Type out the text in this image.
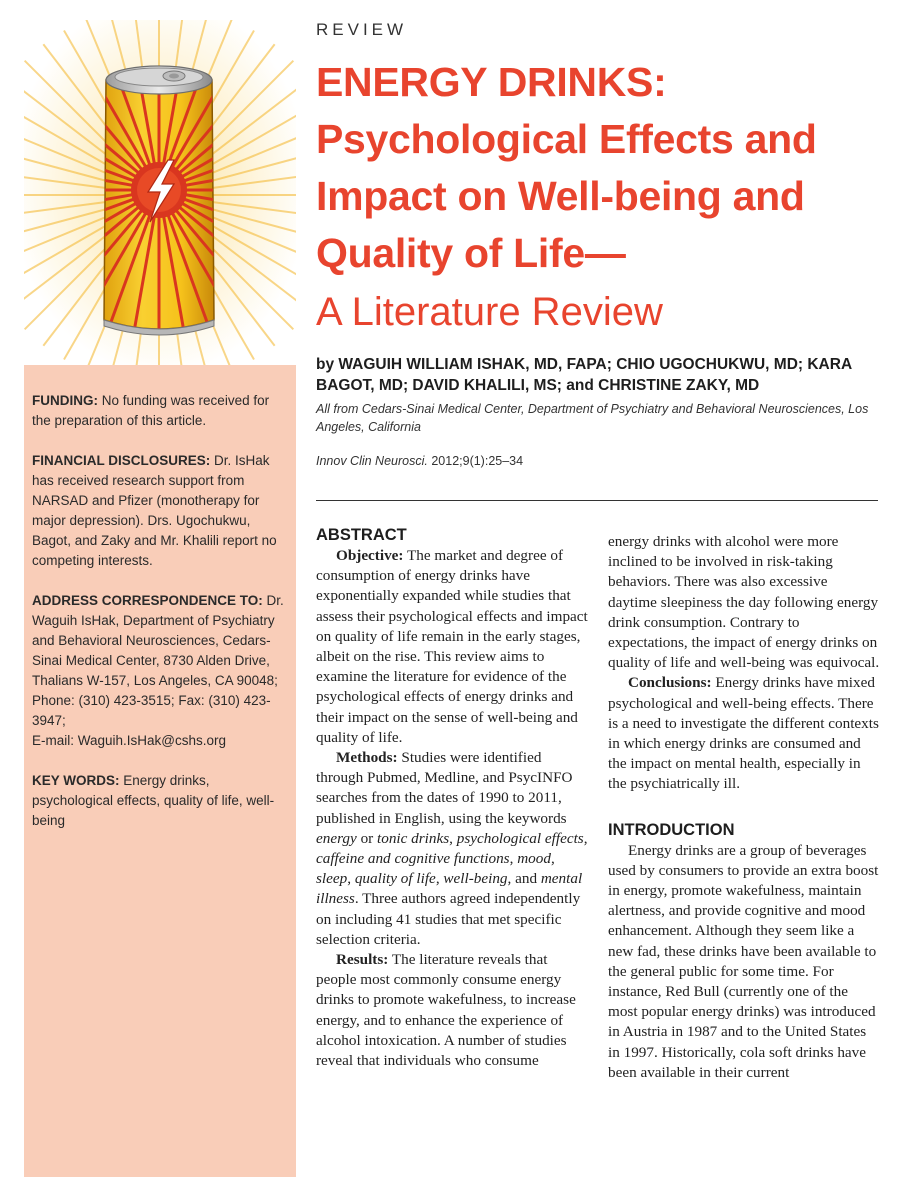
FUNDING: No funding was received for the preparation of this article.

FINANCIAL DISCLOSURES: Dr. IsHak has received research support from NARSAD and Pfizer (monotherapy for major depression). Drs. Ugochukwu, Bagot, and Zaky and Mr. Khalili report no competing interests.

ADDRESS CORRESPONDENCE TO: Dr. Waguih IsHak, Department of Psychiatry and Behavioral Neurosciences, Cedars-Sinai Medical Center, 8730 Alden Drive, Thalians W-157, Los Angeles, CA 90048;
Phone: (310) 423-3515; Fax: (310) 423-3947;
E-mail: Waguih.IsHak@cshs.org

KEY WORDS: Energy drinks, psychological effects, quality of life, well-being

REVIEW

ENERGY DRINKS:
Psychological Effects and
Impact on Well-being and
Quality of Life—
A Literature Review

by WAGUIH WILLIAM ISHAK, MD, FAPA; CHIO UGOCHUKWU, MD; KARA BAGOT, MD; DAVID KHALILI, MS; and CHRISTINE ZAKY, MD

All from Cedars-Sinai Medical Center, Department of Psychiatry and Behavioral Neurosciences, Los Angeles, California

Innov Clin Neurosci. 2012;9(1):25–34

ABSTRACT

Objective: The market and degree of consumption of energy drinks have exponentially expanded while studies that assess their psychological effects and impact on quality of life remain in the early stages, albeit on the rise. This review aims to examine the literature for evidence of the psychological effects of energy drinks and their impact on the sense of well-being and quality of life.

Methods: Studies were identified through Pubmed, Medline, and PsycINFO searches from the dates of 1990 to 2011, published in English, using the keywords energy or tonic drinks, psychological effects, caffeine and cognitive functions, mood, sleep, quality of life, well-being, and mental illness. Three authors agreed independently on including 41 studies that met specific selection criteria.

Results: The literature reveals that people most commonly consume energy drinks to promote wakefulness, to increase energy, and to enhance the experience of alcohol intoxication. A number of studies reveal that individuals who consume

energy drinks with alcohol were more inclined to be involved in risk-taking behaviors. There was also excessive daytime sleepiness the day following energy drink consumption. Contrary to expectations, the impact of energy drinks on quality of life and well-being was equivocal.

Conclusions: Energy drinks have mixed psychological and well-being effects. There is a need to investigate the different contexts in which energy drinks are consumed and the impact on mental health, especially in the psychiatrically ill.

INTRODUCTION

Energy drinks are a group of beverages used by consumers to provide an extra boost in energy, promote wakefulness, maintain alertness, and provide cognitive and mood enhancement. Although they seem like a new fad, these drinks have been available to the general public for some time. For instance, Red Bull (currently one of the most popular energy drinks) was introduced in Austria in 1987 and to the United States in 1997. Historically, cola soft drinks have been available in their current
